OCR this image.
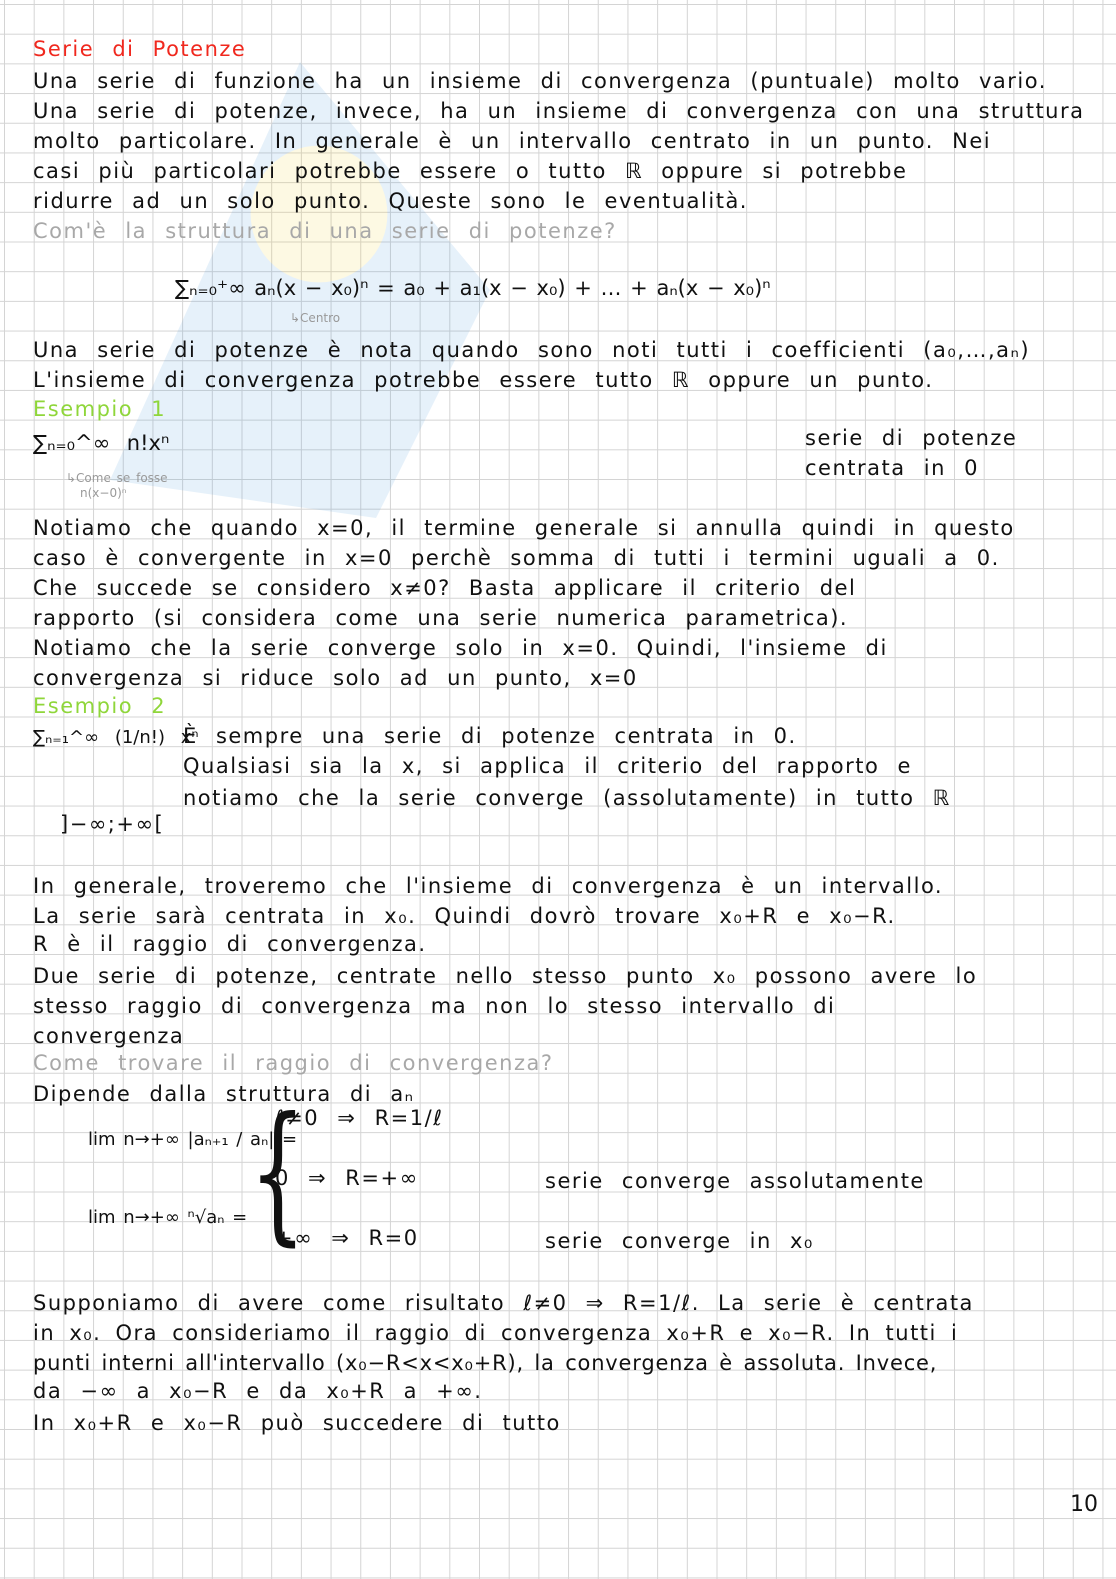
Serie di Potenze
Una serie di funzione ha un insieme di convergenza (puntuale) molto vario.
Una serie di potenze, invece, ha un insieme di convergenza con una struttura
molto particolare. In generale è un intervallo centrato in un punto. Nei
casi più particolari potrebbe essere o tutto ℝ oppure si potrebbe
ridurre ad un solo punto. Queste sono le eventualità.
Com'è la struttura di una serie di potenze?
∑ₙ₌₀⁺∞ aₙ(x − x₀)ⁿ = a₀ + a₁(x − x₀) + … + aₙ(x − x₀)ⁿ
↳Centro
Una serie di potenze è nota quando sono noti tutti i coefficienti (a₀,…,aₙ)
L'insieme di convergenza potrebbe essere tutto ℝ oppure un punto.
Esempio 1
∑ₙ₌₀^∞ n!xⁿ
↳Come se fosse
n(x−0)ⁿ
serie di potenze
centrata in 0
Notiamo che quando x=0, il termine generale si annulla quindi in questo
caso è convergente in x=0 perchè somma di tutti i termini uguali a 0.
Che succede se considero x≠0? Basta applicare il criterio del
rapporto (si considera come una serie numerica parametrica).
Notiamo che la serie converge solo in x=0. Quindi, l'insieme di
convergenza si riduce solo ad un punto, x=0
Esempio 2
∑ₙ₌₁^∞ (1/n!) xⁿ
È sempre una serie di potenze centrata in 0.
Qualsiasi sia la x, si applica il criterio del rapporto e
notiamo che la serie converge (assolutamente) in tutto ℝ
]−∞;+∞[
In generale, troveremo che l'insieme di convergenza è un intervallo.
La serie sarà centrata in x₀. Quindi dovrò trovare x₀+R e x₀−R.
R è il raggio di convergenza.
Due serie di potenze, centrate nello stesso punto x₀ possono avere lo
stesso raggio di convergenza ma non lo stesso intervallo di
convergenza
Come trovare il raggio di convergenza?
Dipende dalla struttura di aₙ
lim n→+∞ |aₙ₊₁ / aₙ| =
lim n→+∞ ⁿ√aₙ = {
ℓ≠0 ⇒ R=1/ℓ
0 ⇒ R=+∞	serie converge assolutamente
+∞ ⇒ R=0	serie converge in x₀
Supponiamo di avere come risultato ℓ≠0 ⇒ R=1/ℓ. La serie è centrata
in x₀. Ora consideriamo il raggio di convergenza x₀+R e x₀−R. In tutti i
punti interni all'intervallo (x₀−R<x<x₀+R), la convergenza è assoluta. Invece,
da −∞ a x₀−R e da x₀+R a +∞.
In x₀+R e x₀−R può succedere di tutto
10
